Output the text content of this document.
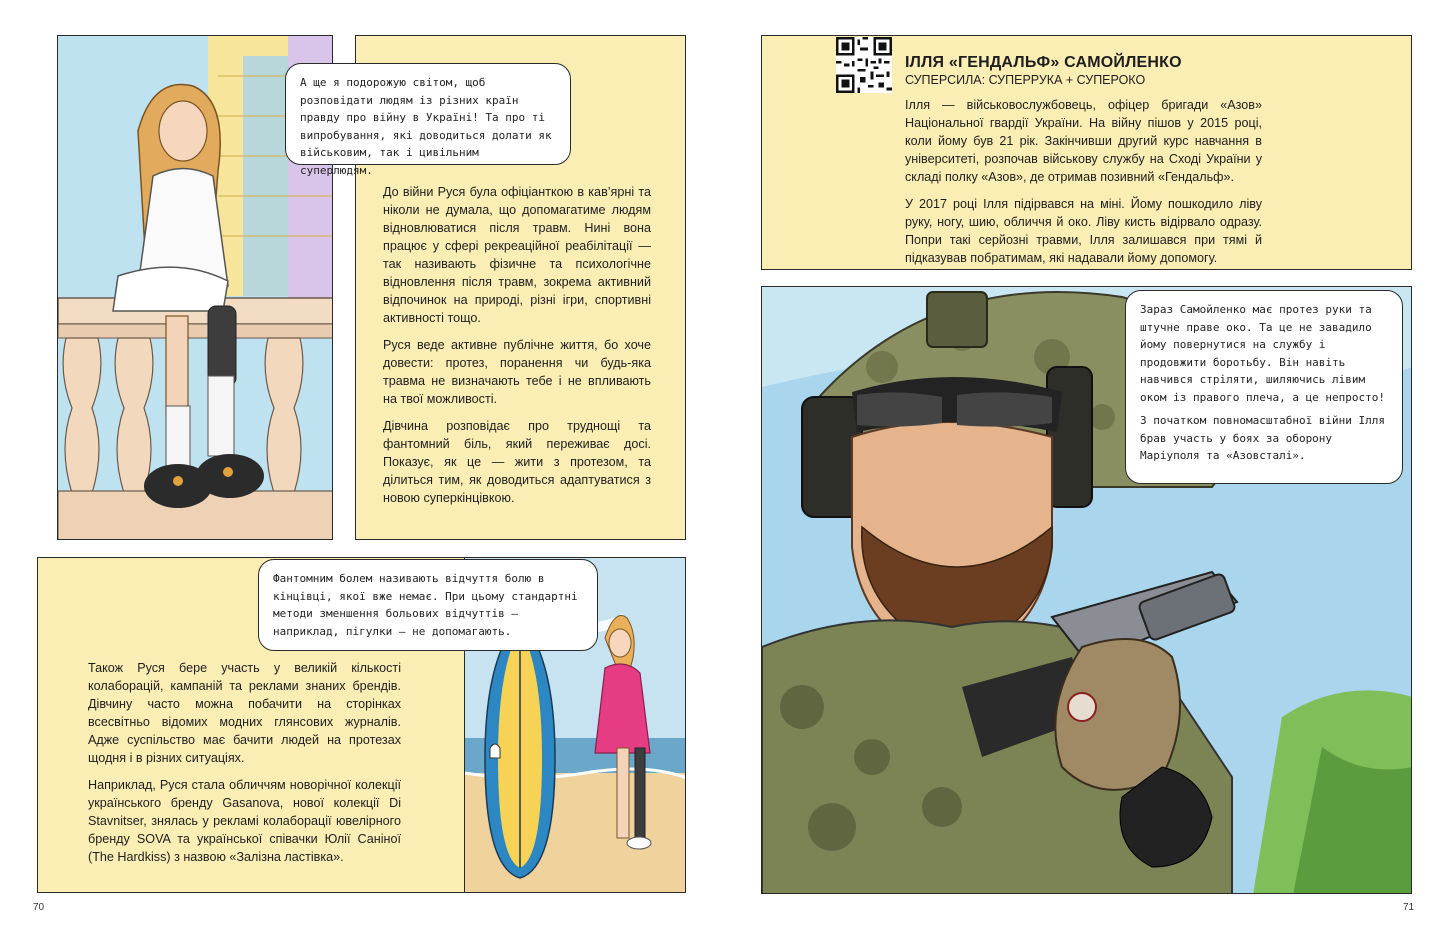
А ще я подорожую світом, щоб розповідати людям із різних країн правду про війну в Україні! Та про ті випробування, які доводиться долати як військовим, так і цивільним суперлюдям.

До війни Руся була офіціанткою в кав’ярні та ніколи не думала, що допомагатиме людям відновлюватися після травм. Нині вона працює у сфері рекреаційної реабілітації — так називають фізичне та психологічне відновлення після травм, зокрема активний відпочинок на природі, різні ігри, спортивні активності тощо.

Руся веде активне публічне життя, бо хоче довести: протез, поранення чи будь-яка травма не визначають тебе і не впливають на твої можливості.

Дівчина розповідає про труднощі та фантомний біль, який переживає досі. Показує, як це — жити з протезом, та ділиться тим, як доводиться адаптуватися з новою суперкінцівкою.

Фантомним болем називають відчуття болю в кінцівці, якої вже немає. При цьому стандартні методи зменшення больових відчуттів — наприклад, пігулки — не допомагають.

Також Руся бере участь у великій кількості колаборацій, кампаній та реклами знаних брендів. Дівчину часто можна побачити на сторінках всесвітньо відомих модних глянсових журналів. Адже суспільство має бачити людей на протезах щодня і в різних ситуаціях.

Наприклад, Руся стала обличчям новорічної колекції українського бренду Gasanova, нової колекції Di Stavnitser, знялась у рекламі колаборації ювелірного бренду SOVA та української співачки Юлії Саніної (The Hardkiss) з назвою «Залізна ластівка».

70
ІЛЛЯ «ГЕНДАЛЬФ» САМОЙЛЕНКО
СУПЕРСИЛА: СУПЕРРУКА + СУПЕРОКО

Ілля — військовослужбовець, офіцер бригади «Азов» Національної гвардії України. На війну пішов у 2015 році, коли йому був 21 рік. Закінчивши другий курс навчання в університеті, розпочав військову службу на Сході України у складі полку «Азов», де отримав позивний «Гендальф».

У 2017 році Ілля підірвався на міні. Йому пошкодило ліву руку, ногу, шию, обличчя й око. Ліву кисть відірвало одразу. Попри такі серйозні травми, Ілля залишався при тямі й підказував побратимам, які надавали йому допомогу.

Зараз Самойленко має протез руки та штучне праве око. Та це не завадило йому повернутися на службу і продовжити боротьбу. Він навіть навчився стріляти, шиляючись лівим оком із правого плеча, а це непросто!

З початком повномасштабної війни Ілля брав участь у боях за оборону Маріуполя та «Азовсталі».

71
